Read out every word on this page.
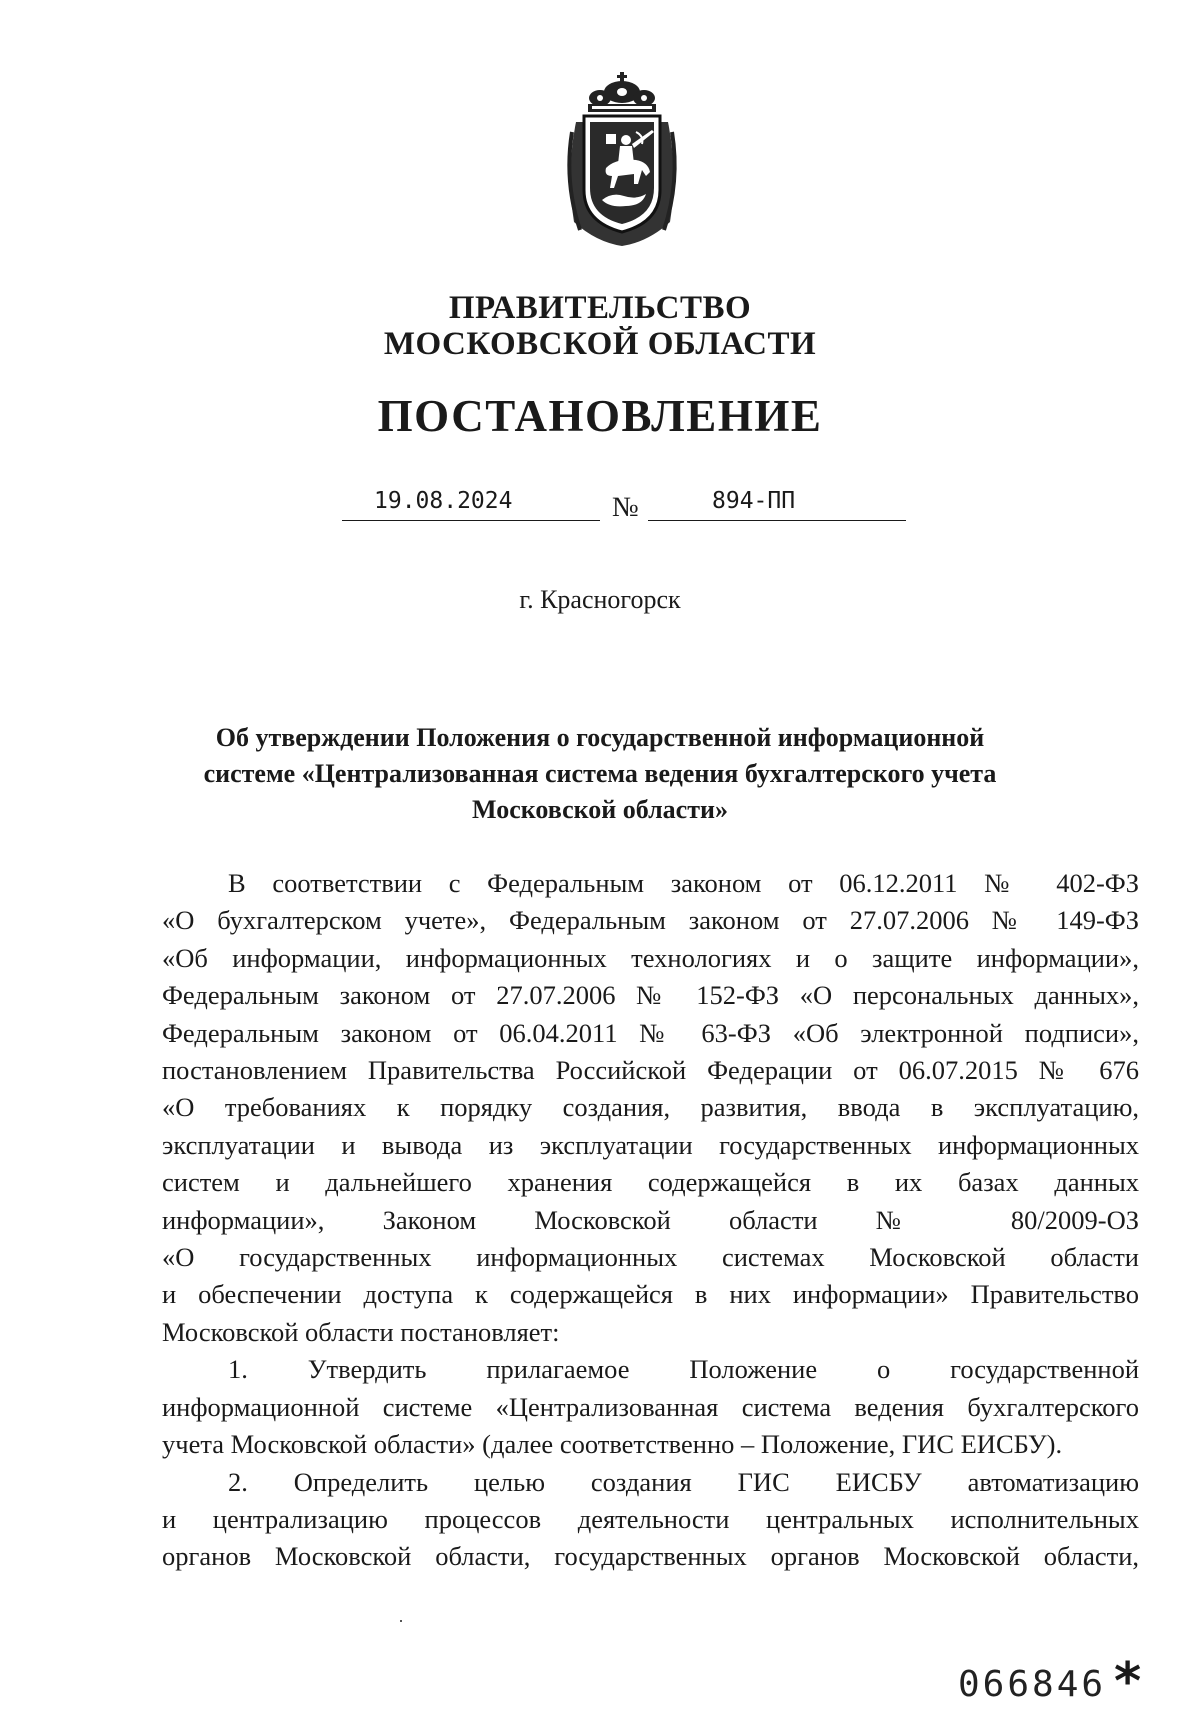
ПРАВИТЕЛЬСТВО
МОСКОВСКОЙ ОБЛАСТИ
ПОСТАНОВЛЕНИЕ
19.08.2024	№	894-ПП
г. Красногорск
Об утверждении Положения о государственной информационной
системе «Централизованная система ведения бухгалтерского учета
Московской области»
В соответствии с Федеральным законом от 06.12.2011 № 402-ФЗ
«О бухгалтерском учете», Федеральным законом от 27.07.2006 № 149-ФЗ
«Об информации, информационных технологиях и о защите информации»,
Федеральным законом от 27.07.2006 № 152-ФЗ «О персональных данных»,
Федеральным законом от 06.04.2011 № 63-ФЗ «Об электронной подписи»,
постановлением Правительства Российской Федерации от 06.07.2015 № 676
«О требованиях к порядку создания, развития, ввода в эксплуатацию,
эксплуатации и вывода из эксплуатации государственных информационных
систем и дальнейшего хранения содержащейся в их базах данных
информации», Законом Московской области № 80/2009-ОЗ
«О государственных информационных системах Московской области
и обеспечении доступа к содержащейся в них информации» Правительство
Московской области постановляет:
1. Утвердить прилагаемое Положение о государственной
информационной системе «Централизованная система ведения бухгалтерского
учета Московской области» (далее соответственно – Положение, ГИС ЕИСБУ).
2. Определить целью создания ГИС ЕИСБУ автоматизацию
и централизацию процессов деятельности центральных исполнительных
органов Московской области, государственных органов Московской области,
066846 *
